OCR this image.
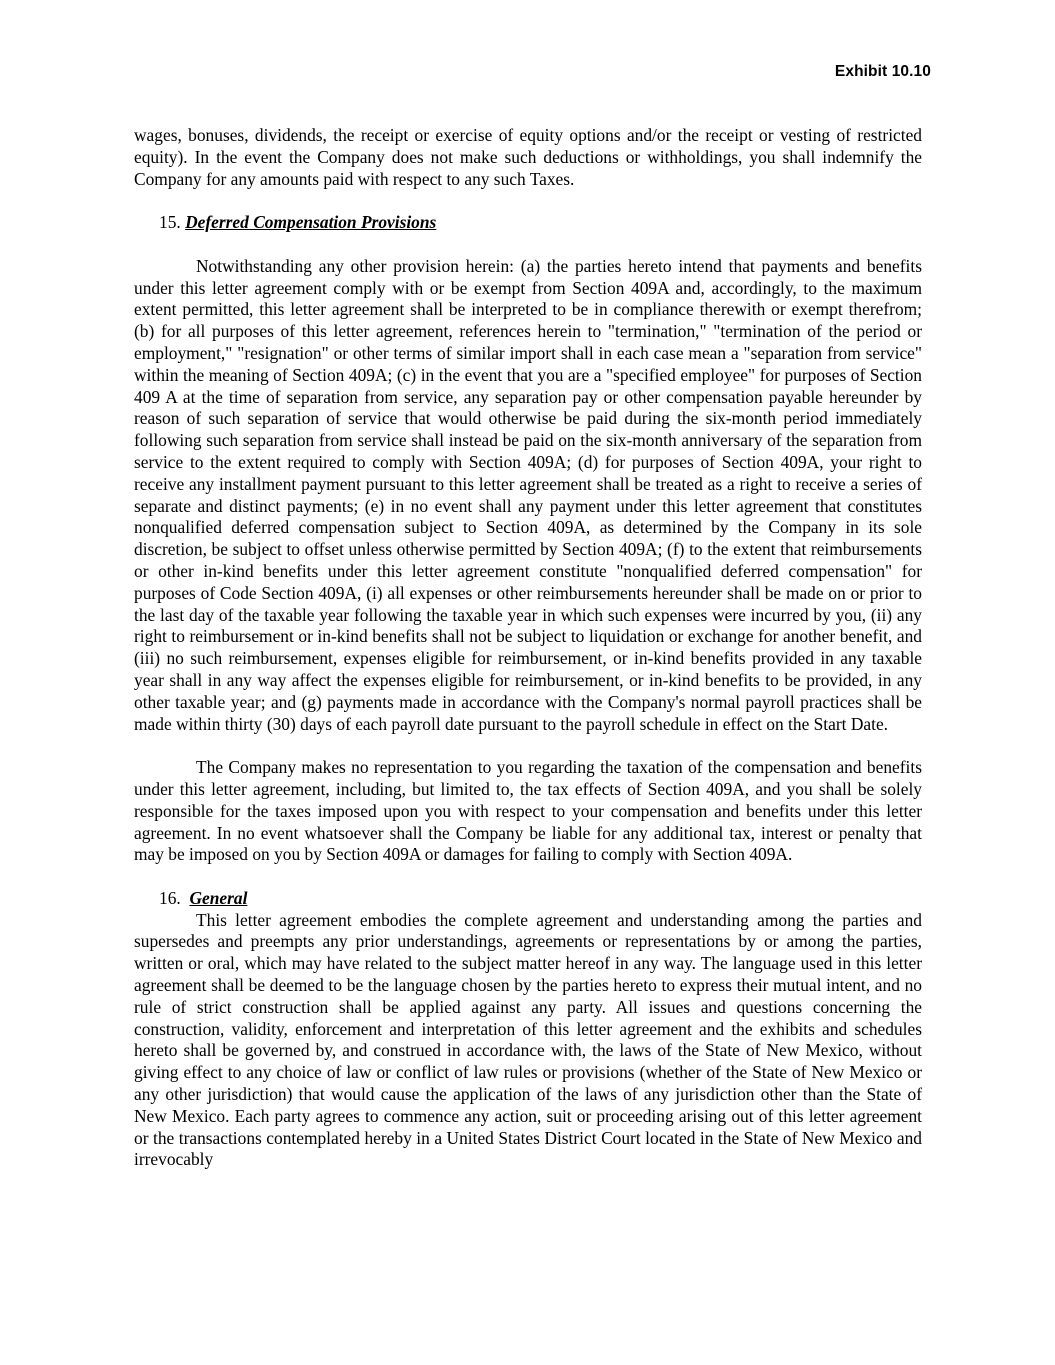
Exhibit 10.10

wages, bonuses, dividends, the receipt or exercise of equity options and/or the receipt or vesting of restricted equity). In the event the Company does not make such deductions or withholdings, you shall indemnify the Company for any amounts paid with respect to any such Taxes.

15. Deferred Compensation Provisions

Notwithstanding any other provision herein: (a) the parties hereto intend that payments and benefits under this letter agreement comply with or be exempt from Section 409A and, accordingly, to the maximum extent permitted, this letter agreement shall be interpreted to be in compliance therewith or exempt therefrom; (b) for all purposes of this letter agreement, references herein to "termination," "termination of the period or employment," "resignation" or other terms of similar import shall in each case mean a "separation from service" within the meaning of Section 409A; (c) in the event that you are a "specified employee" for purposes of Section 409 A at the time of separation from service, any separation pay or other compensation payable hereunder by reason of such separation of service that would otherwise be paid during the six-month period immediately following such separation from service shall instead be paid on the six-month anniversary of the separation from service to the extent required to comply with Section 409A; (d) for purposes of Section 409A, your right to receive any installment payment pursuant to this letter agreement shall be treated as a right to receive a series of separate and distinct payments; (e) in no event shall any payment under this letter agreement that constitutes nonqualified deferred compensation subject to Section 409A, as determined by the Company in its sole discretion, be subject to offset unless otherwise permitted by Section 409A; (f) to the extent that reimbursements or other in-kind benefits under this letter agreement constitute "nonqualified deferred compensation" for purposes of Code Section 409A, (i) all expenses or other reimbursements hereunder shall be made on or prior to the last day of the taxable year following the taxable year in which such expenses were incurred by you, (ii) any right to reimbursement or in-kind benefits shall not be subject to liquidation or exchange for another benefit, and (iii) no such reimbursement, expenses eligible for reimbursement, or in-kind benefits provided in any taxable year shall in any way affect the expenses eligible for reimbursement, or in-kind benefits to be provided, in any other taxable year; and (g) payments made in accordance with the Company's normal payroll practices shall be made within thirty (30) days of each payroll date pursuant to the payroll schedule in effect on the Start Date.

The Company makes no representation to you regarding the taxation of the compensation and benefits under this letter agreement, including, but limited to, the tax effects of Section 409A, and you shall be solely responsible for the taxes imposed upon you with respect to your compensation and benefits under this letter agreement. In no event whatsoever shall the Company be liable for any additional tax, interest or penalty that may be imposed on you by Section 409A or damages for failing to comply with Section 409A.

16. General

This letter agreement embodies the complete agreement and understanding among the parties and supersedes and preempts any prior understandings, agreements or representations by or among the parties, written or oral, which may have related to the subject matter hereof in any way. The language used in this letter agreement shall be deemed to be the language chosen by the parties hereto to express their mutual intent, and no rule of strict construction shall be applied against any party. All issues and questions concerning the construction, validity, enforcement and interpretation of this letter agreement and the exhibits and schedules hereto shall be governed by, and construed in accordance with, the laws of the State of New Mexico, without giving effect to any choice of law or conflict of law rules or provisions (whether of the State of New Mexico or any other jurisdiction) that would cause the application of the laws of any jurisdiction other than the State of New Mexico. Each party agrees to commence any action, suit or proceeding arising out of this letter agreement or the transactions contemplated hereby in a United States District Court located in the State of New Mexico and irrevocably
